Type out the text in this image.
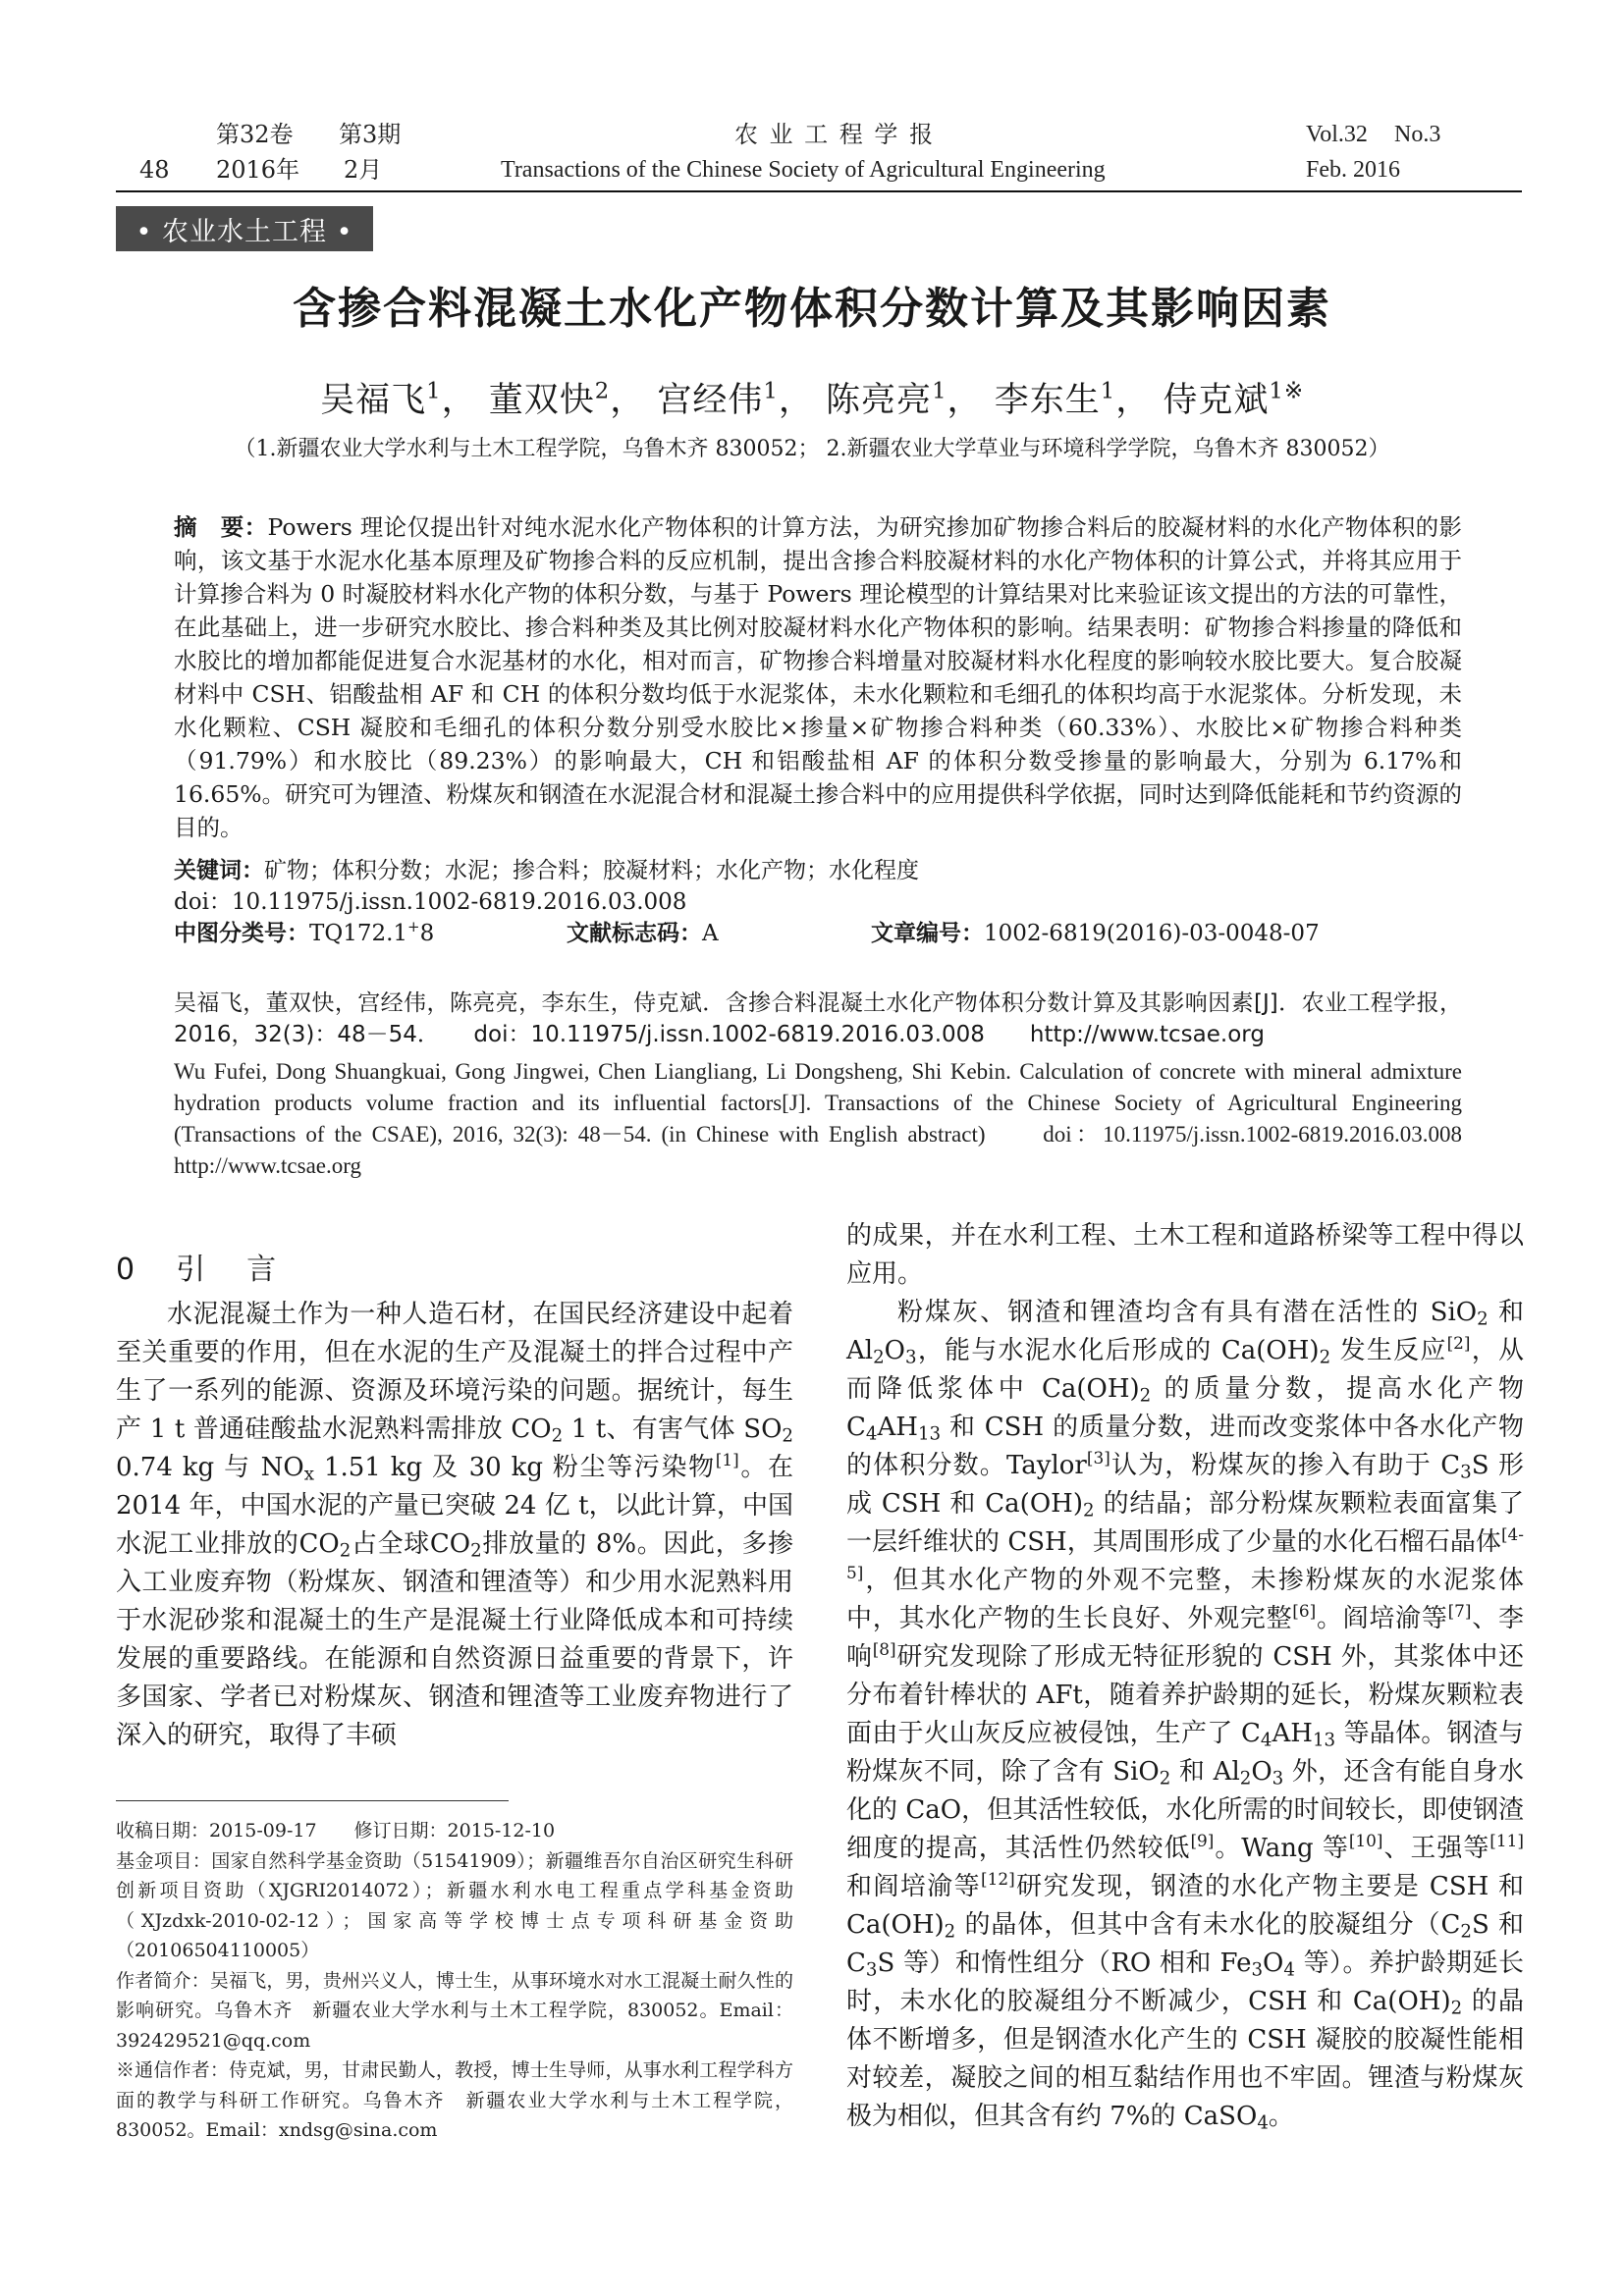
48
第32卷 第3期
2016年 2月
农 业 工 程 学 报
Transactions of the Chinese Society of Agricultural Engineering
Vol.32 No.3
Feb. 2016
• 农业水土工程 •
含掺合料混凝土水化产物体积分数计算及其影响因素
吴福飞$^1$， 董双快$^2$， 宫经伟$^1$， 陈亮亮$^1$， 李东生$^1$， 侍克斌$^{1※}$
（1.新疆农业大学水利与土木工程学院，乌鲁木齐 830052； 2.新疆农业大学草业与环境科学学院，乌鲁木齐 830052）
摘　要：Powers 理论仅提出针对纯水泥水化产物体积的计算方法，为研究掺加矿物掺合料后的胶凝材料的水化产物体积的影响，该文基于水泥水化基本原理及矿物掺合料的反应机制，提出含掺合料胶凝材料的水化产物体积的计算公式，并将其应用于计算掺合料为 0 时凝胶材料水化产物的体积分数，与基于 Powers 理论模型的计算结果对比来验证该文提出的方法的可靠性，在此基础上，进一步研究水胶比、掺合料种类及其比例对胶凝材料水化产物体积的影响。结果表明：矿物掺合料掺量的降低和水胶比的增加都能促进复合水泥基材的水化，相对而言，矿物掺合料增量对胶凝材料水化程度的影响较水胶比要大。复合胶凝材料中 CSH、铝酸盐相 AF 和 CH 的体积分数均低于水泥浆体，未水化颗粒和毛细孔的体积均高于水泥浆体。分析发现，未水化颗粒、CSH 凝胶和毛细孔的体积分数分别受水胶比×掺量×矿物掺合料种类（60.33%）、水胶比×矿物掺合料种类（91.79%）和水胶比（89.23%）的影响最大，CH 和铝酸盐相 AF 的体积分数受掺量的影响最大，分别为 6.17%和 16.65%。研究可为锂渣、粉煤灰和钢渣在水泥混合材和混凝土掺合料中的应用提供科学依据，同时达到降低能耗和节约资源的目的。
关键词：矿物；体积分数；水泥；掺合料；胶凝材料；水化产物；水化程度
doi：10.11975/j.issn.1002-6819.2016.03.008
中图分类号：TQ172.1+8	文献标志码：A	文章编号：1002-6819(2016)-03-0048-07
吴福飞，董双快，宫经伟，陈亮亮，李东生，侍克斌．含掺合料混凝土水化产物体积分数计算及其影响因素[J]．农业工程学报，2016，32(3)：48－54．　　doi：10.11975/j.issn.1002-6819.2016.03.008　　http://www.tcsae.org
Wu Fufei, Dong Shuangkuai, Gong Jingwei, Chen Liangliang, Li Dongsheng, Shi Kebin. Calculation of concrete with mineral admixture hydration products volume fraction and its influential factors[J]. Transactions of the Chinese Society of Agricultural Engineering (Transactions of the CSAE), 2016, 32(3): 48－54. (in Chinese with English abstract)　　doi：10.11975/j.issn.1002-6819.2016.03.008　http://www.tcsae.org
0　引　言

水泥混凝土作为一种人造石材，在国民经济建设中起着至关重要的作用，但在水泥的生产及混凝土的拌合过程中产生了一系列的能源、资源及环境污染的问题。据统计，每生产 1 t 普通硅酸盐水泥熟料需排放 $CO_2$ 1 t、有害气体 $SO_2$ 0.74 kg 与 $NO_x$ 1.51 kg 及 30 kg 粉尘等污染物[1]。在 2014 年，中国水泥的产量已突破 24 亿 t，以此计算，中国水泥工业排放的$CO_2$占全球$CO_2$排放量的 8%。因此，多掺入工业废弃物（粉煤灰、钢渣和锂渣等）和少用水泥熟料用于水泥砂浆和混凝土的生产是混凝土行业降低成本和可持续发展的重要路线。在能源和自然资源日益重要的背景下，许多国家、学者已对粉煤灰、钢渣和锂渣等工业废弃物进行了深入的研究，取得了丰硕

收稿日期：2015-09-17　　修订日期：2015-12-10

基金项目：国家自然科学基金资助（51541909）；新疆维吾尔自治区研究生科研创新项目资助（XJGRI2014072）；新疆水利水电工程重点学科基金资助（XJzdxk-2010-02-12）；国家高等学校博士点专项科研基金资助（20106504110005）

作者简介：吴福飞，男，贵州兴义人，博士生，从事环境水对水工混凝土耐久性的影响研究。乌鲁木齐　新疆农业大学水利与土木工程学院，830052。Email：392429521@qq.com

※通信作者：侍克斌，男，甘肃民勤人，教授，博士生导师，从事水利工程学科方面的教学与科研工作研究。乌鲁木齐　新疆农业大学水利与土木工程学院，830052。Email：xndsg@sina.com

的成果，并在水利工程、土木工程和道路桥梁等工程中得以应用。

粉煤灰、钢渣和锂渣均含有具有潜在活性的 SiO$_2$ 和 $Al_2O_3$，能与水泥水化后形成的 $Ca(OH)_2$ 发生反应[2]，从而降低浆体中 $Ca(OH)_2$ 的质量分数，提高水化产物 $C_4AH_{13}$ 和 CSH 的质量分数，进而改变浆体中各水化产物的体积分数。Taylor[3]认为，粉煤灰的掺入有助于 $C_3S$ 形成 CSH 和 $Ca(OH)_2$ 的结晶；部分粉煤灰颗粒表面富集了一层纤维状的 CSH，其周围形成了少量的水化石榴石晶体[4-5]，但其水化产物的外观不完整，未掺粉煤灰的水泥浆体中，其水化产物的生长良好、外观完整[6]。阎培渝等[7]、李响[8]研究发现除了形成无特征形貌的 CSH 外，其浆体中还分布着针棒状的 AFt，随着养护龄期的延长，粉煤灰颗粒表面由于火山灰反应被侵蚀，生产了 $C_4AH_{13}$ 等晶体。钢渣与粉煤灰不同，除了含有 SiO$_2$ 和 $Al_2O_3$ 外，还含有能自身水化的 CaO，但其活性较低，水化所需的时间较长，即使钢渣细度的提高，其活性仍然较低[9]。Wang 等[10]、王强等[11]和阎培渝等[12]研究发现，钢渣的水化产物主要是 CSH 和 $Ca(OH)_2$ 的晶体，但其中含有未水化的胶凝组分（$C_2S$ 和 $C_3S$ 等）和惰性组分（RO 相和 $Fe_3O_4$ 等）。养护龄期延长时，未水化的胶凝组分不断减少，CSH 和 $Ca(OH)_2$ 的晶体不断增多，但是钢渣水化产生的 CSH 凝胶的胶凝性能相对较差，凝胶之间的相互黏结作用也不牢固。锂渣与粉煤灰极为相似，但其含有约 7%的 CaSO$_4$。
